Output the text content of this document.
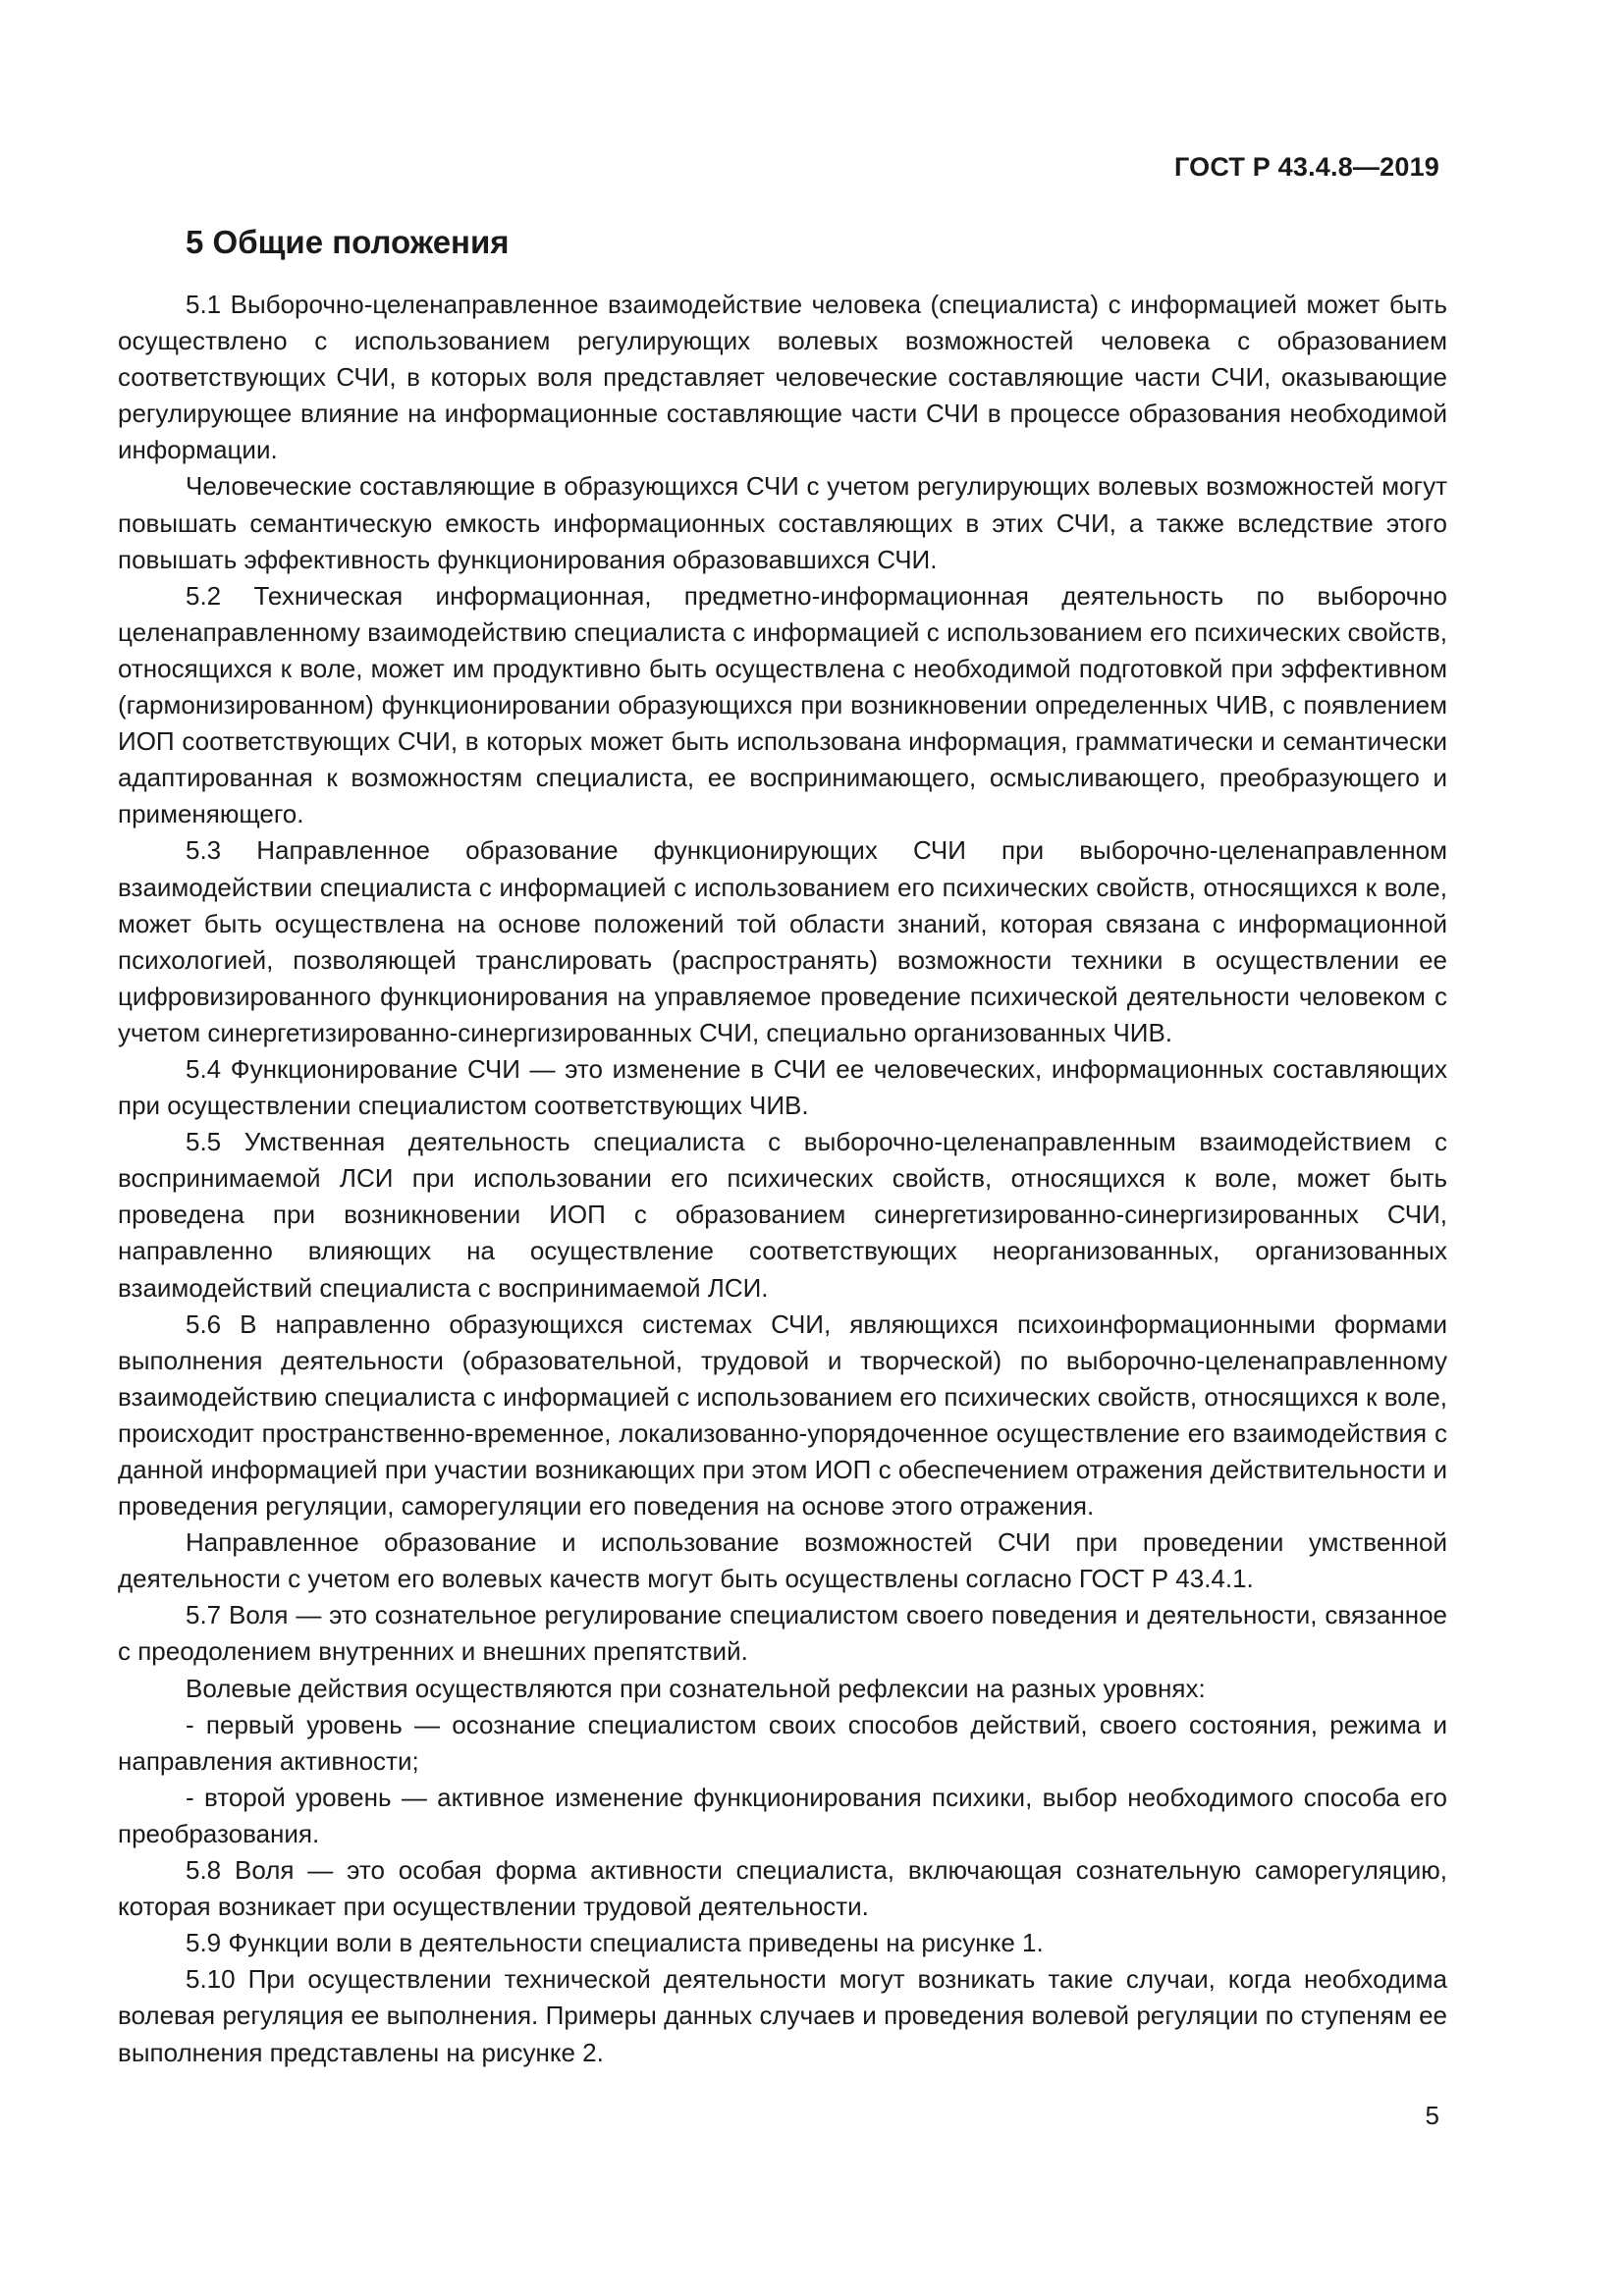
ГОСТ Р 43.4.8—2019
5 Общие положения

5.1 Выборочно-целенаправленное взаимодействие человека (специалиста) с информацией может быть осуществлено с использованием регулирующих волевых возможностей человека с образованием соответствующих СЧИ, в которых воля представляет человеческие составляющие части СЧИ, оказывающие регулирующее влияние на информационные составляющие части СЧИ в процессе образования необходимой информации.

Человеческие составляющие в образующихся СЧИ с учетом регулирующих волевых возможностей могут повышать семантическую емкость информационных составляющих в этих СЧИ, а также вследствие этого повышать эффективность функционирования образовавшихся СЧИ.

5.2 Техническая информационная, предметно-информационная деятельность по выборочно целенаправленному взаимодействию специалиста с информацией с использованием его психических свойств, относящихся к воле, может им продуктивно быть осуществлена с необходимой подготовкой при эффективном (гармонизированном) функционировании образующихся при возникновении определенных ЧИВ, с появлением ИОП соответствующих СЧИ, в которых может быть использована информация, грамматически и семантически адаптированная к возможностям специалиста, ее воспринимающего, осмысливающего, преобразующего и применяющего.

5.3 Направленное образование функционирующих СЧИ при выборочно-целенаправленном взаимодействии специалиста с информацией с использованием его психических свойств, относящихся к воле, может быть осуществлена на основе положений той области знаний, которая связана с информационной психологией, позволяющей транслировать (распространять) возможности техники в осуществлении ее цифровизированного функционирования на управляемое проведение психической деятельности человеком с учетом синергетизированно-синергизированных СЧИ, специально организованных ЧИВ.

5.4 Функционирование СЧИ — это изменение в СЧИ ее человеческих, информационных составляющих при осуществлении специалистом соответствующих ЧИВ.

5.5 Умственная деятельность специалиста с выборочно-целенаправленным взаимодействием с воспринимаемой ЛСИ при использовании его психических свойств, относящихся к воле, может быть проведена при возникновении ИОП с образованием синергетизированно-синергизированных СЧИ, направленно влияющих на осуществление соответствующих неорганизованных, организованных взаимодействий специалиста с воспринимаемой ЛСИ.

5.6 В направленно образующихся системах СЧИ, являющихся психоинформационными формами выполнения деятельности (образовательной, трудовой и творческой) по выборочно-целенаправленному взаимодействию специалиста с информацией с использованием его психических свойств, относящихся к воле, происходит пространственно-временное, локализованно-упорядоченное осуществление его взаимодействия с данной информацией при участии возникающих при этом ИОП с обеспечением отражения действительности и проведения регуляции, саморегуляции его поведения на основе этого отражения.

Направленное образование и использование возможностей СЧИ при проведении умственной деятельности с учетом его волевых качеств могут быть осуществлены согласно ГОСТ Р 43.4.1.

5.7 Воля — это сознательное регулирование специалистом своего поведения и деятельности, связанное с преодолением внутренних и внешних препятствий.

Волевые действия осуществляются при сознательной рефлексии на разных уровнях:

- первый уровень — осознание специалистом своих способов действий, своего состояния, режима и направления активности;

- второй уровень — активное изменение функционирования психики, выбор необходимого способа его преобразования.

5.8 Воля — это особая форма активности специалиста, включающая сознательную саморегуляцию, которая возникает при осуществлении трудовой деятельности.

5.9 Функции воли в деятельности специалиста приведены на рисунке 1.

5.10 При осуществлении технической деятельности могут возникать такие случаи, когда необходима волевая регуляция ее выполнения. Примеры данных случаев и проведения волевой регуляции по ступеням ее выполнения представлены на рисунке 2.

5
